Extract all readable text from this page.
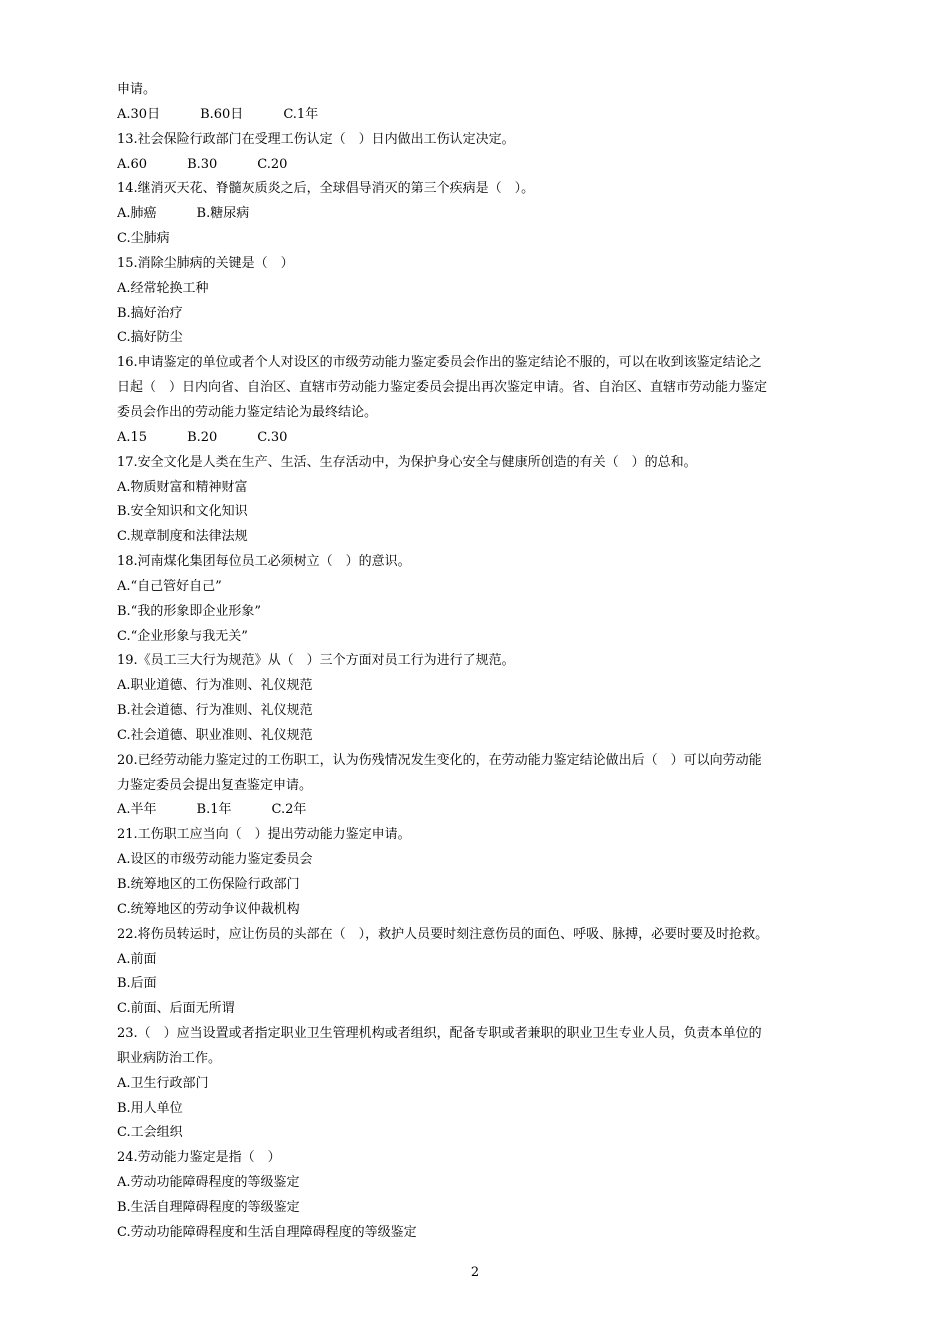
申请。
A.30日	B.60日	C.1年
13.社会保险行政部门在受理工伤认定（　）日内做出工伤认定决定。
A.60	B.30	C.20
14.继消灭天花、脊髓灰质炎之后，全球倡导消灭的第三个疾病是（　）。
A.肺癌	B.糖尿病
C.尘肺病
15.消除尘肺病的关键是（　）
A.经常轮换工种
B.搞好治疗
C.搞好防尘
16.申请鉴定的单位或者个人对设区的市级劳动能力鉴定委员会作出的鉴定结论不服的，可以在收到该鉴定结论之
日起（　）日内向省、自治区、直辖市劳动能力鉴定委员会提出再次鉴定申请。省、自治区、直辖市劳动能力鉴定
委员会作出的劳动能力鉴定结论为最终结论。
A.15	B.20	C.30
17.安全文化是人类在生产、生活、生存活动中，为保护身心安全与健康所创造的有关（　）的总和。
A.物质财富和精神财富
B.安全知识和文化知识
C.规章制度和法律法规
18.河南煤化集团每位员工必须树立（　）的意识。
A.“自己管好自己”
B.“我的形象即企业形象”
C.“企业形象与我无关”
19.《员工三大行为规范》从（　）三个方面对员工行为进行了规范。
A.职业道德、行为准则、礼仪规范
B.社会道德、行为准则、礼仪规范
C.社会道德、职业准则、礼仪规范
20.已经劳动能力鉴定过的工伤职工，认为伤残情况发生变化的，在劳动能力鉴定结论做出后（　）可以向劳动能
力鉴定委员会提出复查鉴定申请。
A.半年	B.1年	C.2年
21.工伤职工应当向（　）提出劳动能力鉴定申请。
A.设区的市级劳动能力鉴定委员会
B.统筹地区的工伤保险行政部门
C.统筹地区的劳动争议仲裁机构
22.将伤员转运时，应让伤员的头部在（　），救护人员要时刻注意伤员的面色、呼吸、脉搏，必要时要及时抢救。
A.前面
B.后面
C.前面、后面无所谓
23.（　）应当设置或者指定职业卫生管理机构或者组织，配备专职或者兼职的职业卫生专业人员，负责本单位的
职业病防治工作。
A.卫生行政部门
B.用人单位
C.工会组织
24.劳动能力鉴定是指（　）
A.劳动功能障碍程度的等级鉴定
B.生活自理障碍程度的等级鉴定
C.劳动功能障碍程度和生活自理障碍程度的等级鉴定
2
